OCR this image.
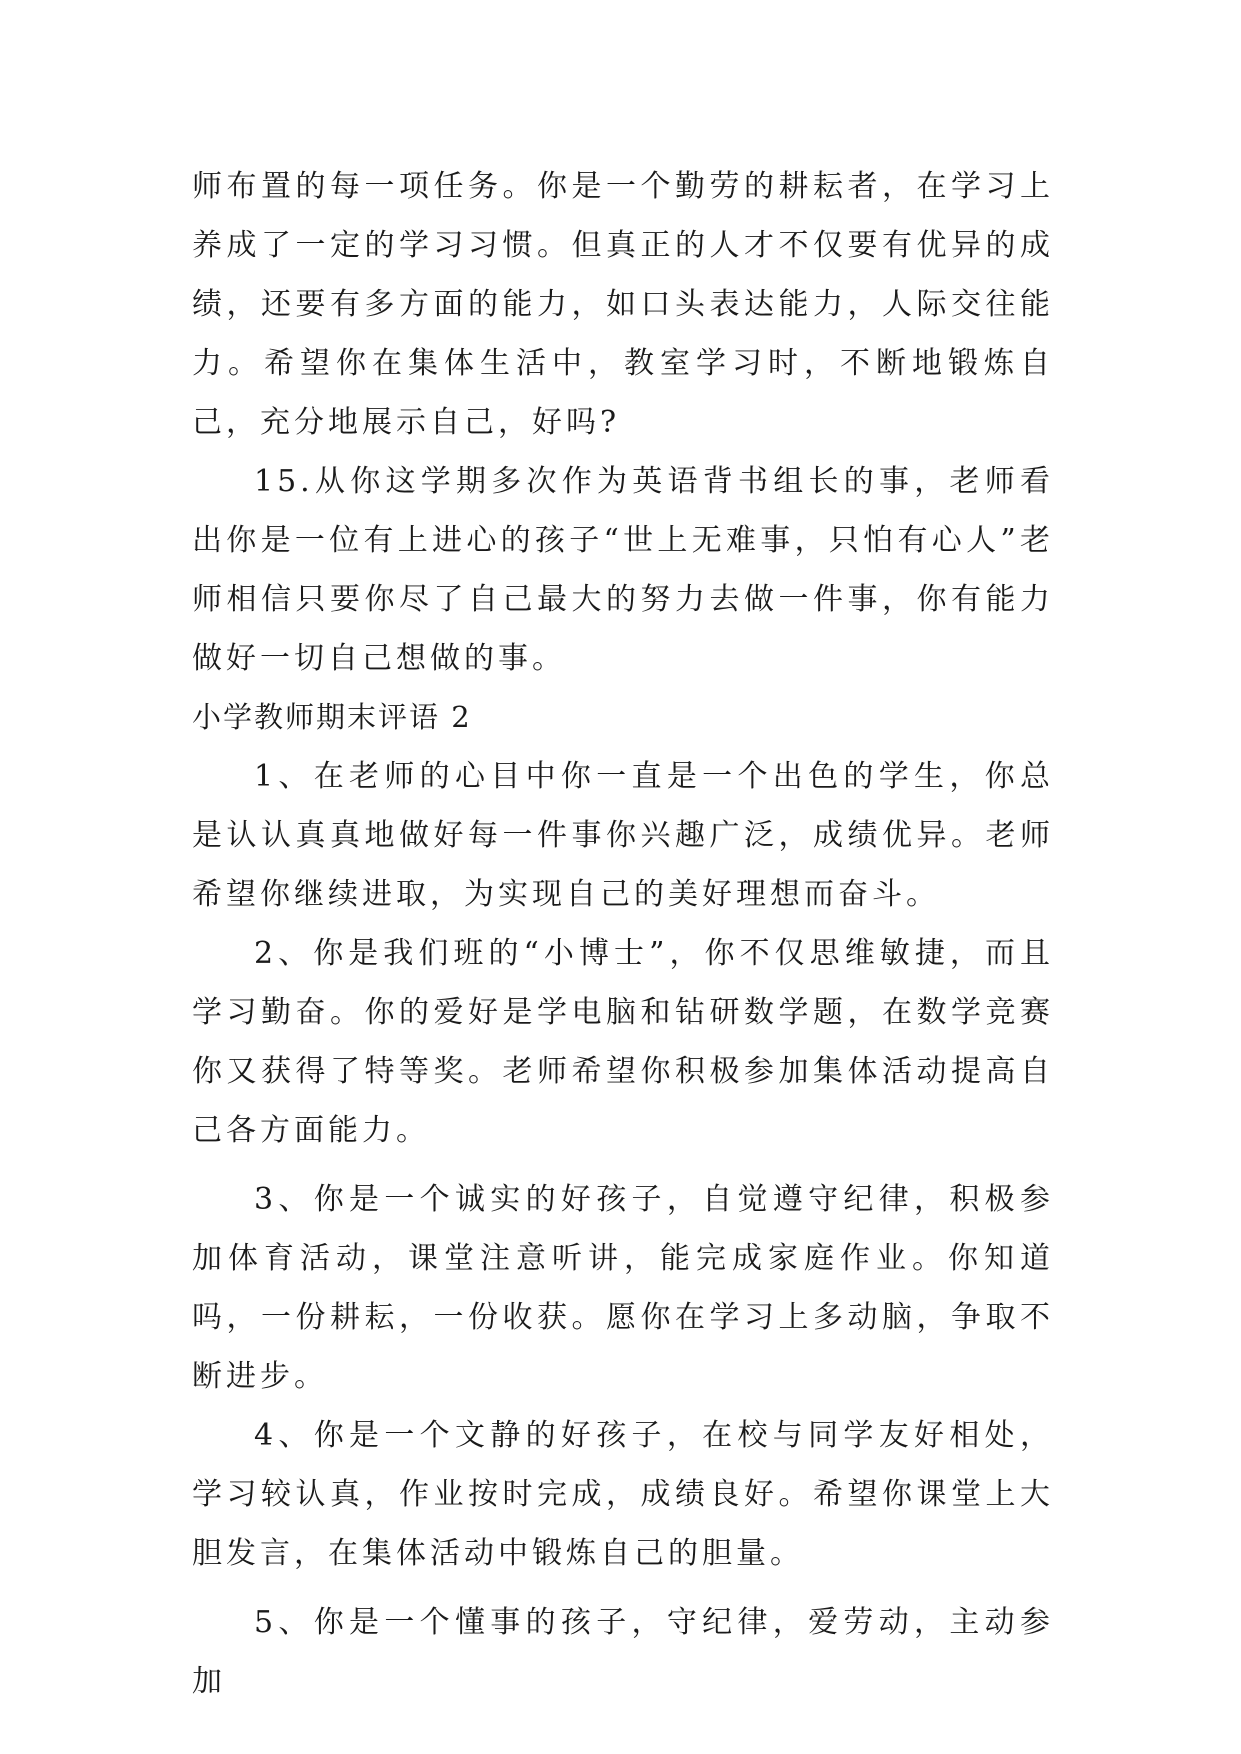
师布置的每一项任务。你是一个勤劳的耕耘者，在学习上养成了一定的学习习惯。但真正的人才不仅要有优异的成绩，还要有多方面的能力，如口头表达能力，人际交往能力。希望你在集体生活中，教室学习时，不断地锻炼自己，充分地展示自己，好吗?

15.从你这学期多次作为英语背书组长的事，老师看出你是一位有上进心的孩子“世上无难事，只怕有心人”老师相信只要你尽了自己最大的努力去做一件事，你有能力做好一切自己想做的事。

小学教师期末评语 2

1、在老师的心目中你一直是一个出色的学生，你总是认认真真地做好每一件事你兴趣广泛，成绩优异。老师希望你继续进取，为实现自己的美好理想而奋斗。

2、你是我们班的“小博士”，你不仅思维敏捷，而且学习勤奋。你的爱好是学电脑和钻研数学题，在数学竞赛你又获得了特等奖。老师希望你积极参加集体活动提高自己各方面能力。

3、你是一个诚实的好孩子，自觉遵守纪律，积极参加体育活动，课堂注意听讲，能完成家庭作业。你知道吗，一份耕耘，一份收获。愿你在学习上多动脑，争取不断进步。

4、你是一个文静的好孩子，在校与同学友好相处，学习较认真，作业按时完成，成绩良好。希望你课堂上大胆发言，在集体活动中锻炼自己的胆量。

5、你是一个懂事的孩子，守纪律，爱劳动，主动参加
